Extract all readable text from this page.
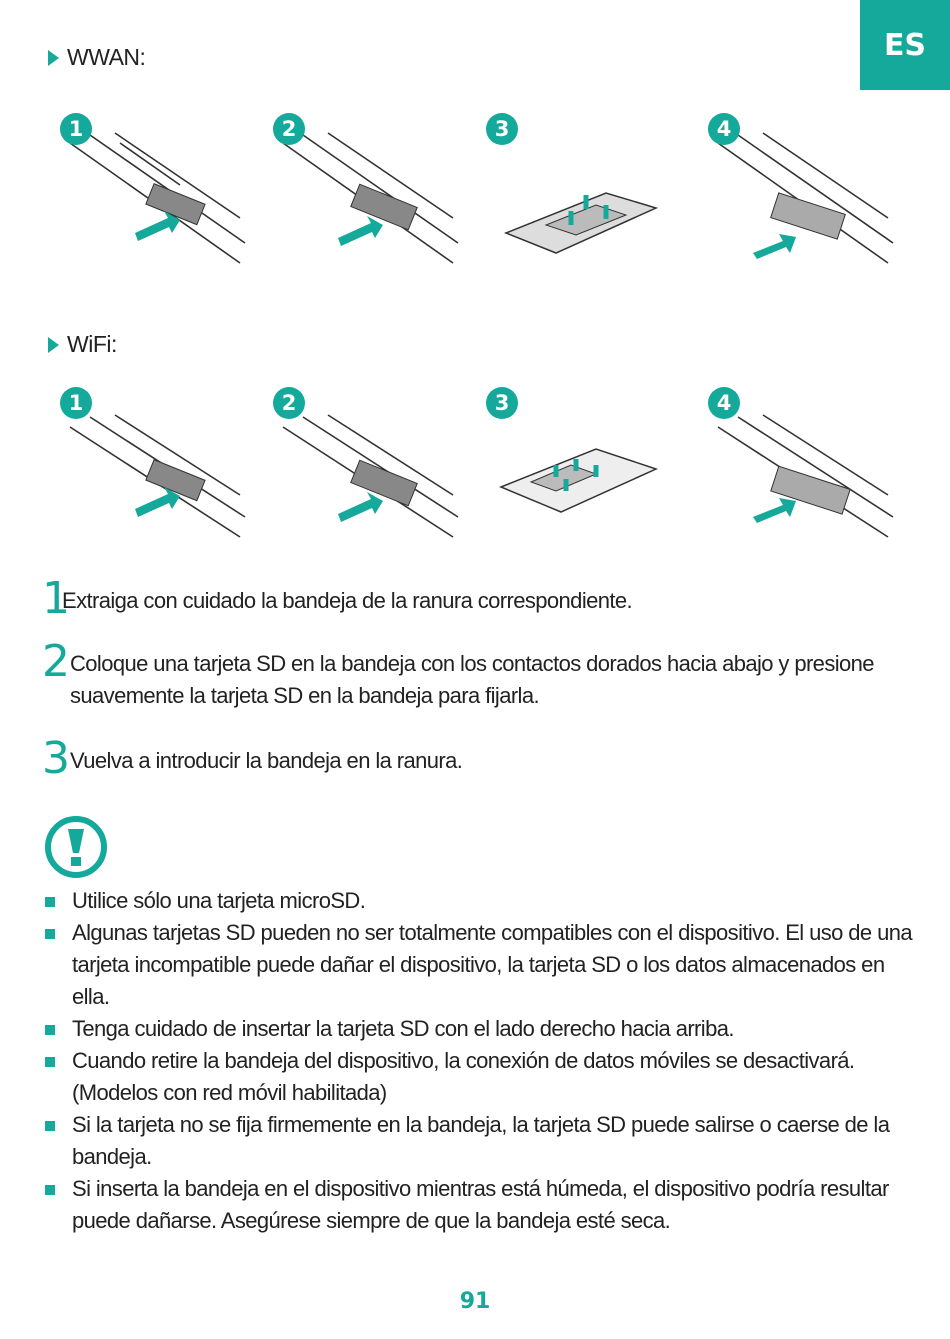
ES
WWAN:
1	2	3	4
WiFi:
1	2	3	4
1
Extraiga con cuidado la bandeja de la ranura correspondiente.
2 Coloque una tarjeta SD en la bandeja con los contactos dorados hacia abajo y presione suavemente la tarjeta SD en la bandeja para fijarla.
3 Vuelva a introducir la bandeja en la ranura.
Utilice sólo una tarjeta microSD.
Algunas tarjetas SD pueden no ser totalmente compatibles con el dispositivo. El uso de una tarjeta incompatible puede dañar el dispositivo, la tarjeta SD o los datos almacenados en ella.
Tenga cuidado de insertar la tarjeta SD con el lado derecho hacia arriba.
Cuando retire la bandeja del dispositivo, la conexión de datos móviles se desactivará. (Modelos con red móvil habilitada)
Si la tarjeta no se fija firmemente en la bandeja, la tarjeta SD puede salirse o caerse de la bandeja.
Si inserta la bandeja en el dispositivo mientras está húmeda, el dispositivo podría resultar puede dañarse. Asegúrese siempre de que la bandeja esté seca.
91
